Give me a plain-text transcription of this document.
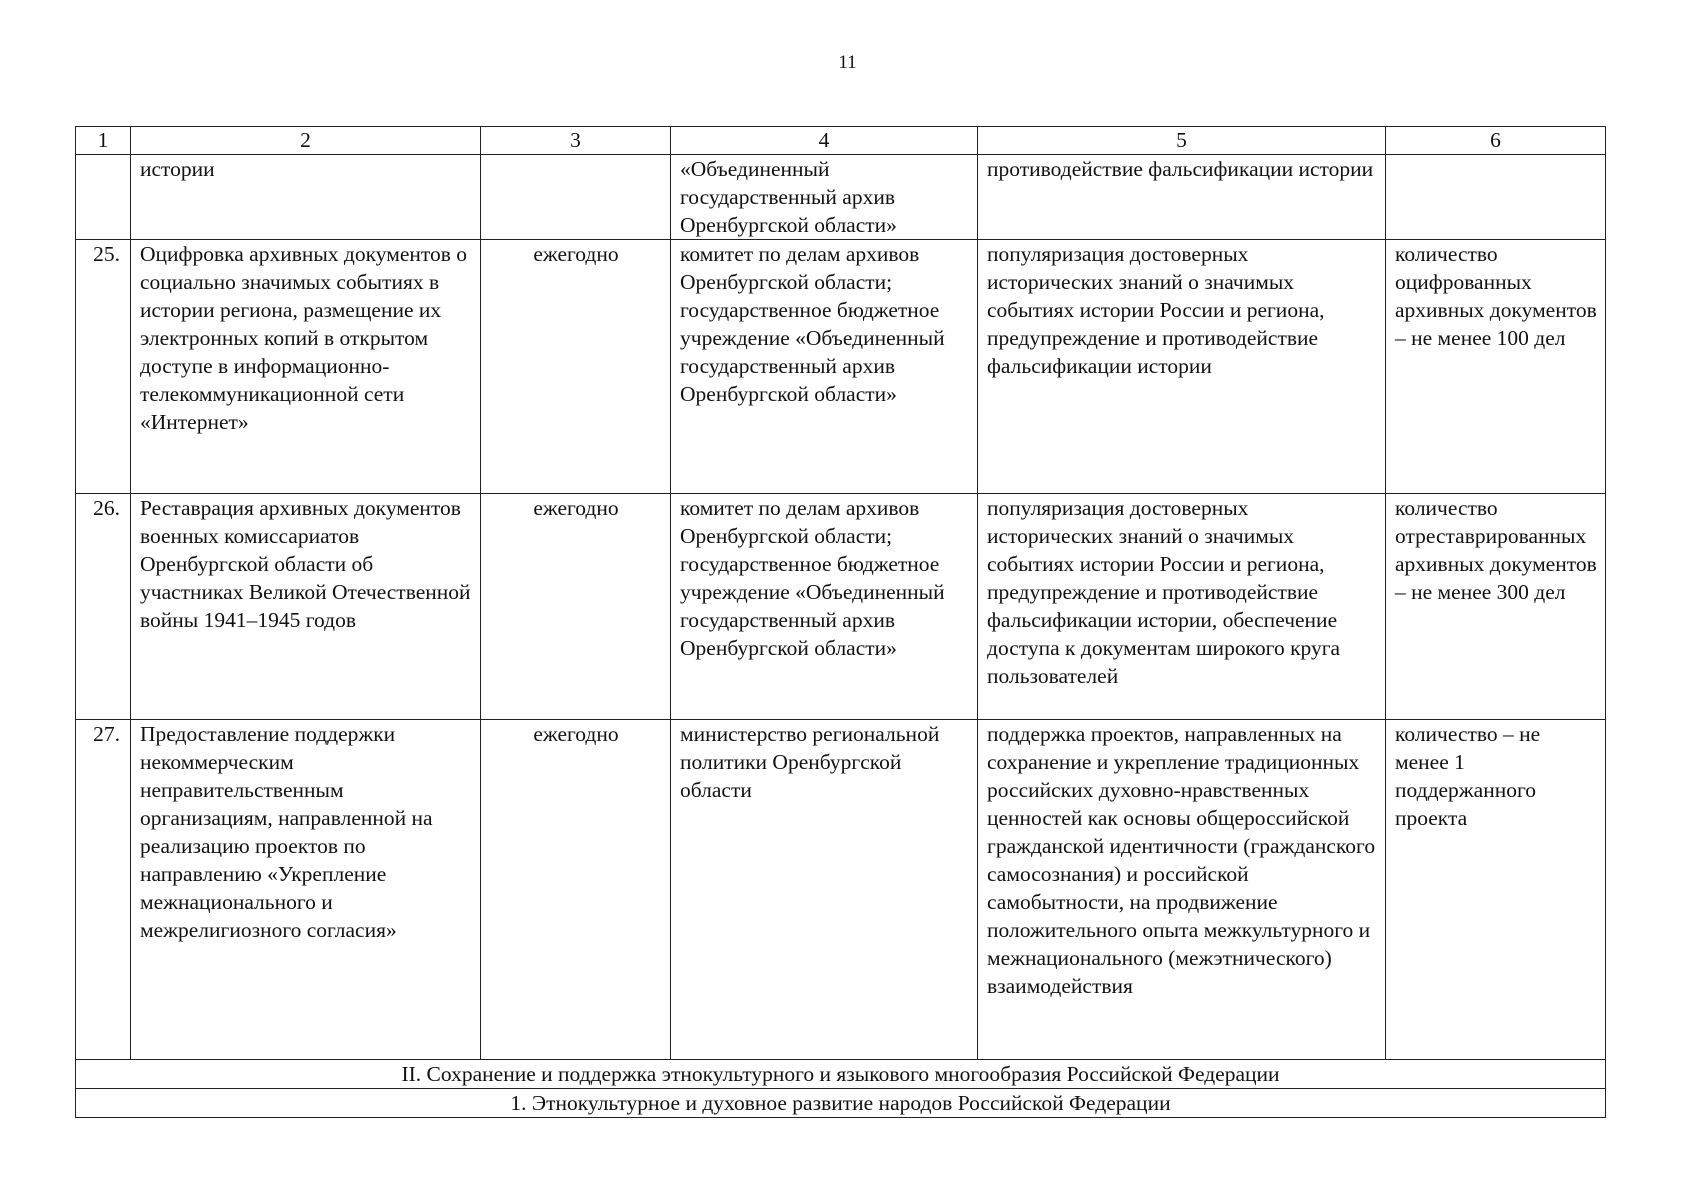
11
1	2	3	4	5	6
	истории		«Объединенный государственный архив Оренбургской области»	противодействие фальсификации истории	
25.	Оцифровка архивных документов о социально значимых событиях в истории региона, размещение их электронных копий в открытом доступе в информационно-телекоммуникационной сети «Интернет»	ежегодно	комитет по делам архивов Оренбургской области; государственное бюджетное учреждение «Объединенный государственный архив Оренбургской области»	популяризация достоверных исторических знаний о значимых событиях истории России и региона, предупреждение и противодействие фальсификации истории	количество оцифрованных архивных документов – не менее 100 дел
26.	Реставрация архивных документов военных комиссариатов Оренбургской области об участниках Великой Отечественной войны 1941–1945 годов	ежегодно	комитет по делам архивов Оренбургской области; государственное бюджетное учреждение «Объединенный государственный архив Оренбургской области»	популяризация достоверных исторических знаний о значимых событиях истории России и региона, предупреждение и противодействие фальсификации истории, обеспечение доступа к документам широкого круга пользователей	количество отреставрированных архивных документов – не менее 300 дел
27.	Предоставление поддержки некоммерческим неправительственным организациям, направленной на реализацию проектов по направлению «Укрепление межнационального и межрелигиозного согласия»	ежегодно	министерство региональной политики Оренбургской области	поддержка проектов, направленных на сохранение и укрепление традиционных российских духовно-нравственных ценностей как основы общероссийской гражданской идентичности (гражданского самосознания) и российской самобытности, на продвижение положительного опыта межкультурного и межнационального (межэтнического) взаимодействия	количество – не менее 1 поддержанного проекта
II. Сохранение и поддержка этнокультурного и языкового многообразия Российской Федерации					
1. Этнокультурное и духовное развитие народов Российской Федерации					
